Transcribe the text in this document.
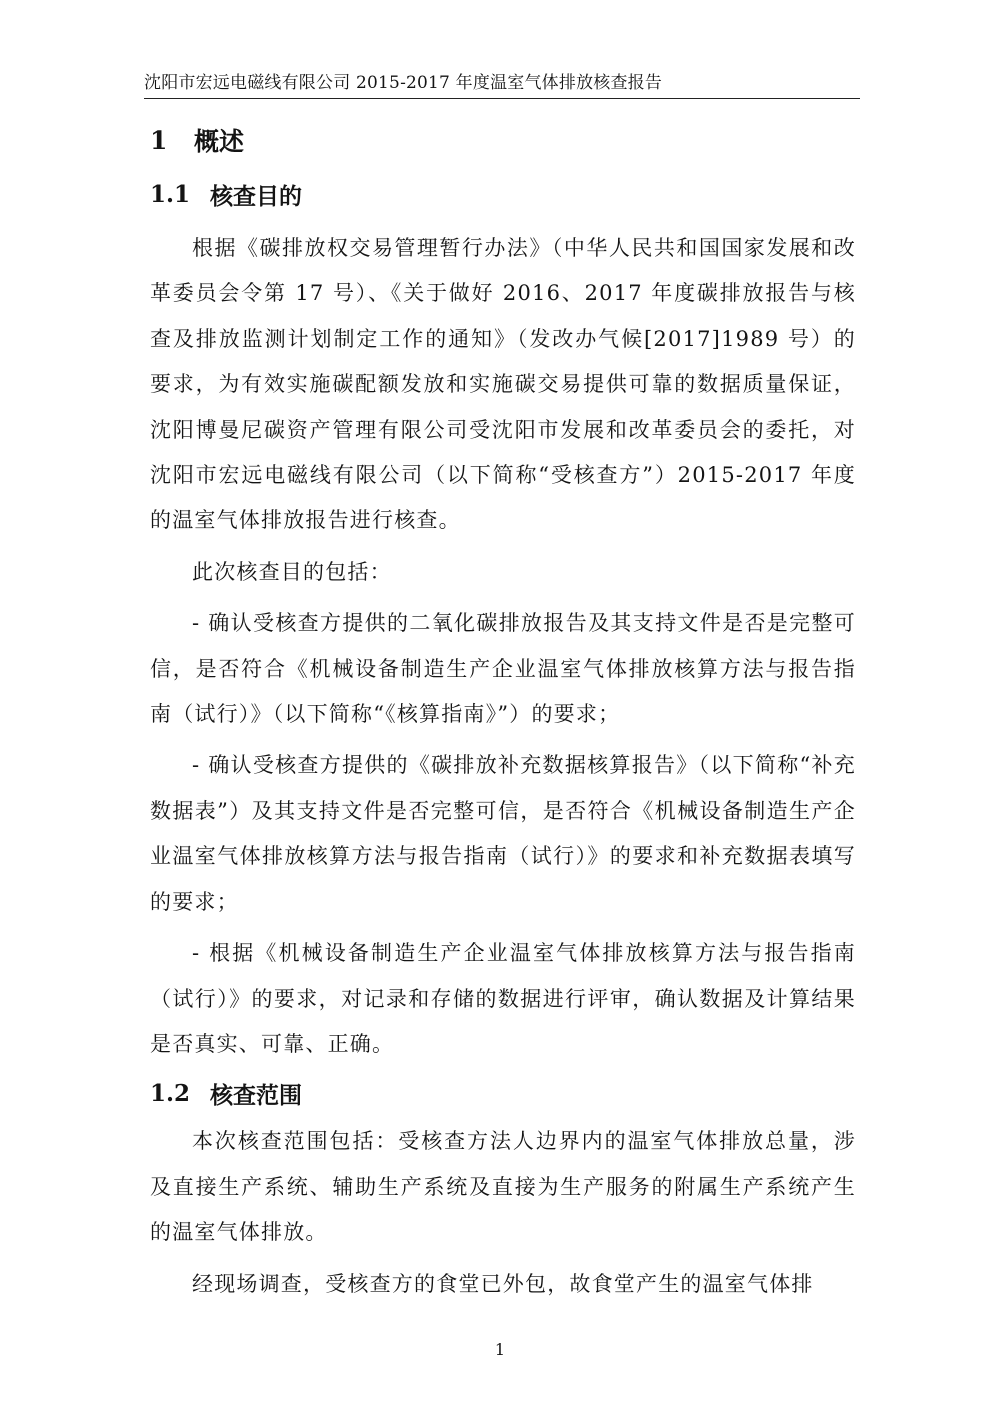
沈阳市宏远电磁线有限公司 2015-2017 年度温室气体排放核查报告
1	概述
1.1 核查目的

根据《碳排放权交易管理暂行办法》（中华人民共和国国家发展和改革委员会令第 17 号）、《关于做好 2016、2017 年度碳排放报告与核查及排放监测计划制定工作的通知》（发改办气候[2017]1989 号）的要求，为有效实施碳配额发放和实施碳交易提供可靠的数据质量保证，沈阳博曼尼碳资产管理有限公司受沈阳市发展和改革委员会的委托，对沈阳市宏远电磁线有限公司（以下简称“受核查方”）2015-2017 年度的温室气体排放报告进行核查。

此次核查目的包括：

- 确认受核查方提供的二氧化碳排放报告及其支持文件是否是完整可信，是否符合《机械设备制造生产企业温室气体排放核算方法与报告指南（试行）》（以下简称“《核算指南》”）的要求；

- 确认受核查方提供的《碳排放补充数据核算报告》（以下简称“补充数据表”）及其支持文件是否完整可信，是否符合《机械设备制造生产企业温室气体排放核算方法与报告指南（试行）》的要求和补充数据表填写的要求；

- 根据《机械设备制造生产企业温室气体排放核算方法与报告指南（试行）》的要求，对记录和存储的数据进行评审，确认数据及计算结果是否真实、可靠、正确。

1.2 核查范围

本次核查范围包括：受核查方法人边界内的温室气体排放总量，涉及直接生产系统、辅助生产系统及直接为生产服务的附属生产系统产生的温室气体排放。

经现场调查，受核查方的食堂已外包，故食堂产生的温室气体排

1
